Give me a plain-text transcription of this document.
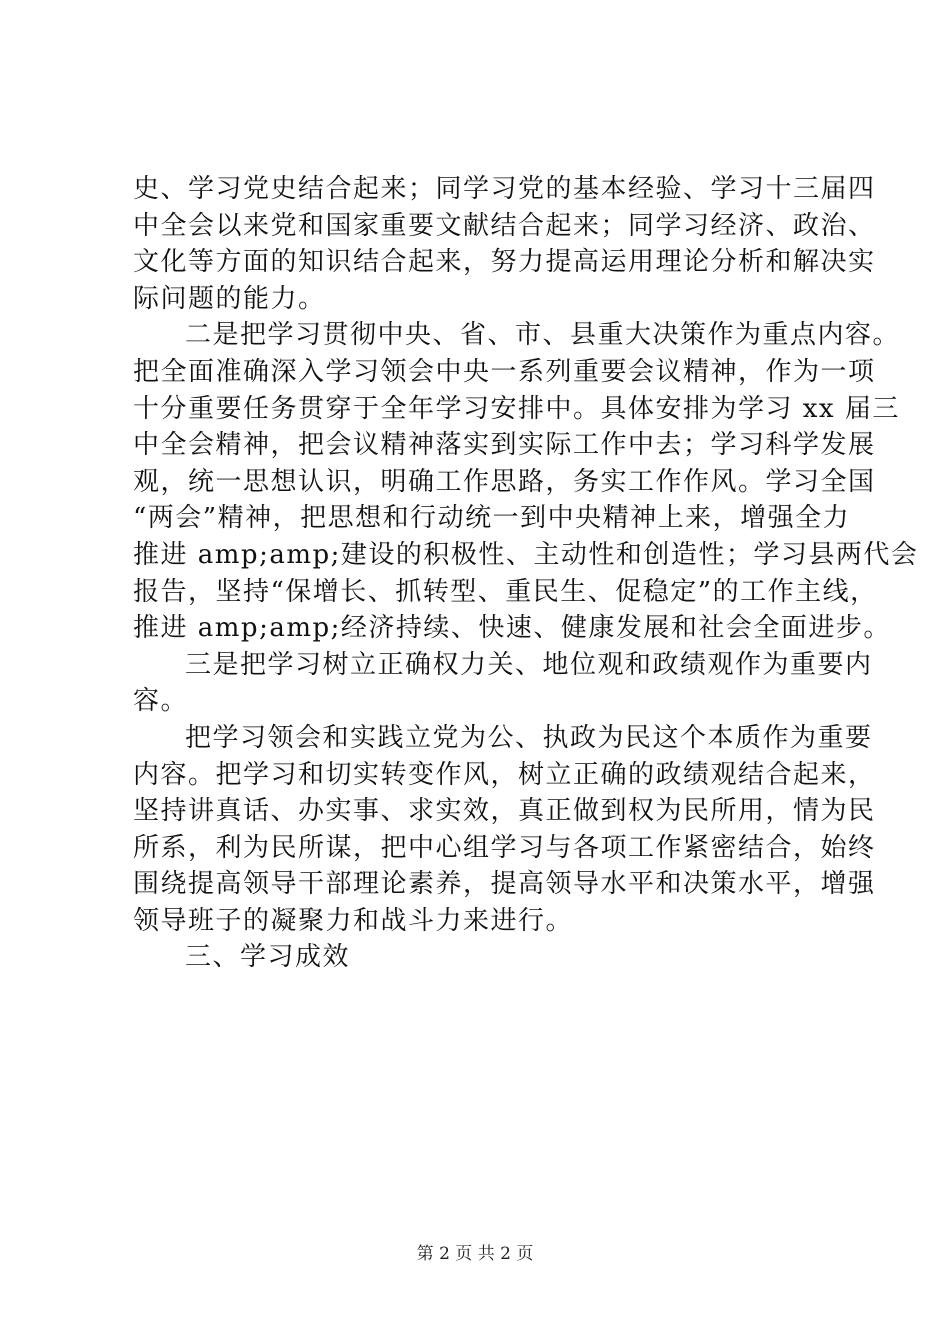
史、学习党史结合起来；同学习党的基本经验、学习十三届四
中全会以来党和国家重要文献结合起来；同学习经济、政治、
文化等方面的知识结合起来，努力提高运用理论分析和解决实
际问题的能力。
二是把学习贯彻中央、省、市、县重大决策作为重点内容。
把全面准确深入学习领会中央一系列重要会议精神，作为一项
十分重要任务贯穿于全年学习安排中。具体安排为学习 xx 届三
中全会精神，把会议精神落实到实际工作中去；学习科学发展
观，统一思想认识，明确工作思路，务实工作作风。学习全国
“两会”精神，把思想和行动统一到中央精神上来，增强全力
推进 amp;amp;建设的积极性、主动性和创造性；学习县两代会
报告，坚持“保增长、抓转型、重民生、促稳定”的工作主线，
推进 amp;amp;经济持续、快速、健康发展和社会全面进步。
三是把学习树立正确权力关、地位观和政绩观作为重要内
容。
把学习领会和实践立党为公、执政为民这个本质作为重要
内容。把学习和切实转变作风，树立正确的政绩观结合起来，
坚持讲真话、办实事、求实效，真正做到权为民所用，情为民
所系，利为民所谋，把中心组学习与各项工作紧密结合，始终
围绕提高领导干部理论素养，提高领导水平和决策水平，增强
领导班子的凝聚力和战斗力来进行。
三、学习成效
第 2 页 共 2 页
